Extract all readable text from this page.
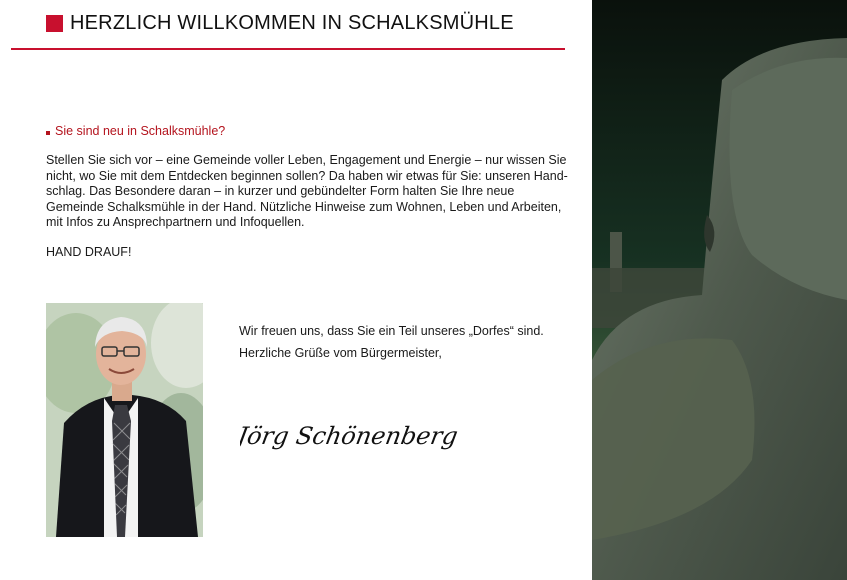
HERZLICH WILLKOMMEN IN SCHALKSMÜHLE
Sie sind neu in Schalksmühle?
Stellen Sie sich vor – eine Gemeinde voller Leben, Engagement und Energie – nur wissen Sie nicht, wo Sie mit dem Entdecken beginnen sollen? Da haben wir etwas für Sie: unseren Hand-schlag. Das Besondere daran – in kurzer und gebündelter Form halten Sie Ihre neue Gemeinde Schalksmühle in der Hand. Nützliche Hinweise zum Wohnen, Leben und Arbeiten, mit Infos zu Ansprechpartnern und Infoquellen.
HAND DRAUF!
Wir freuen uns, dass Sie ein Teil unseres „Dorfes“ sind.
Herzliche Grüße vom Bürgermeister,
Jörg Schönenberg
